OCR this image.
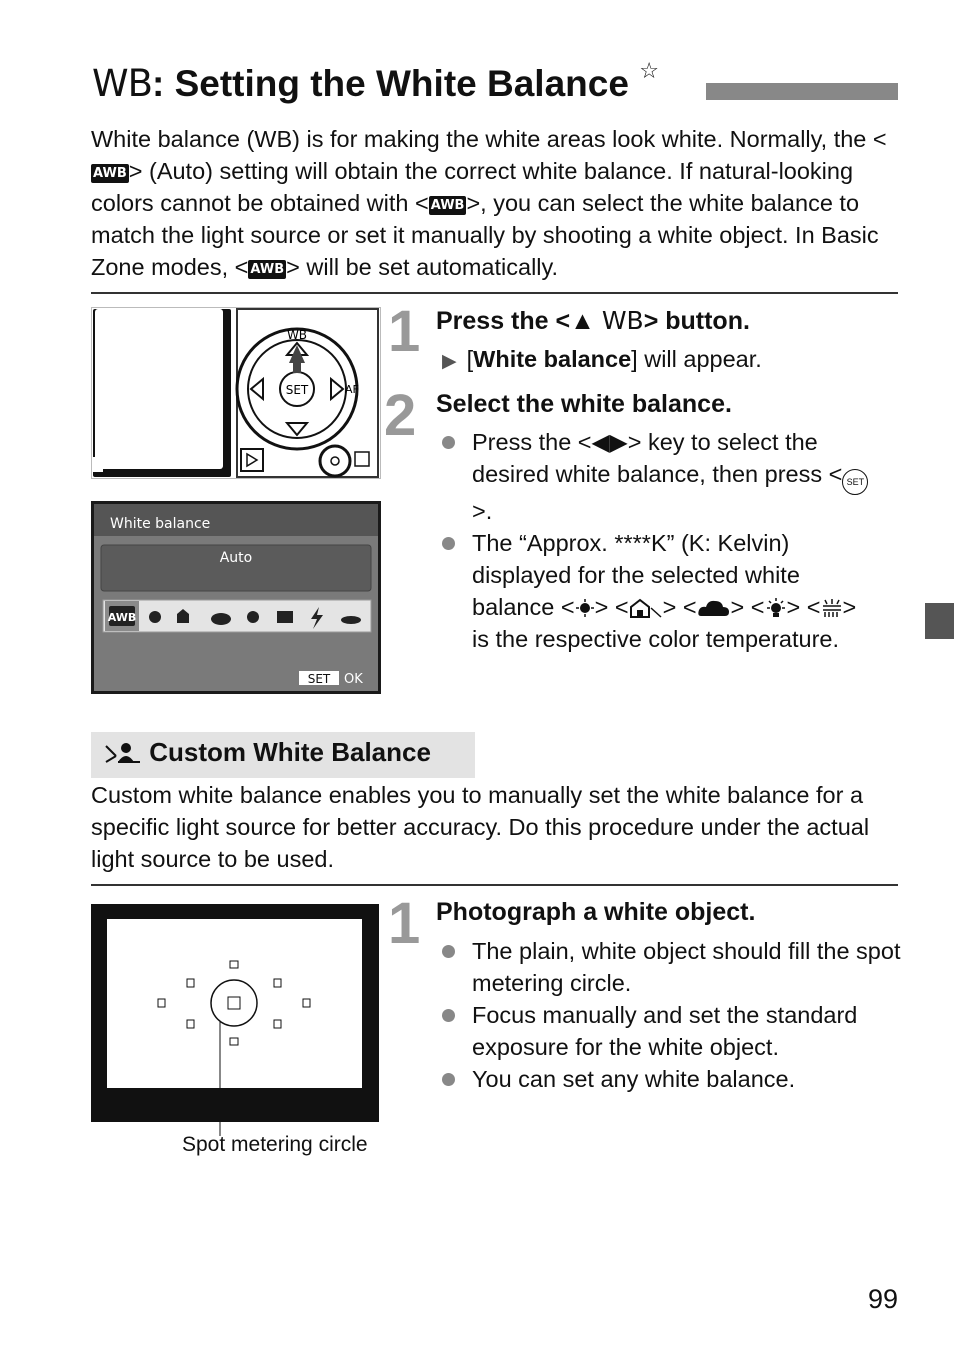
WB: Setting the White Balance ☆
White balance (WB) is for making the white areas look white. Normally, the <AWB> (Auto) setting will obtain the correct white balance. If natural-looking colors cannot be obtained with < AWB>, you can select the white balance to match the light source or set it manually by shooting a white object. In Basic Zone modes, < AWB> will be set automatically.
SET
WB
AF
White balance
Auto
AWB
SET OK
1 Press the <▲ WB> button.
▶ [White balance] will appear.
2 Select the white balance.
Press the <◀▶> key to select the desired white balance, then press < SET>.
The “Approx. ****K” (K: Kelvin) displayed for the selected white balance < > < > < > < > < > is the respective color temperature.
Custom White Balance
Custom white balance enables you to manually set the white balance for a specific light source for better accuracy. Do this procedure under the actual light source to be used.
Spot metering circle
1 Photograph a white object.
The plain, white object should fill the spot metering circle.
Focus manually and set the standard exposure for the white object.
You can set any white balance.
99
